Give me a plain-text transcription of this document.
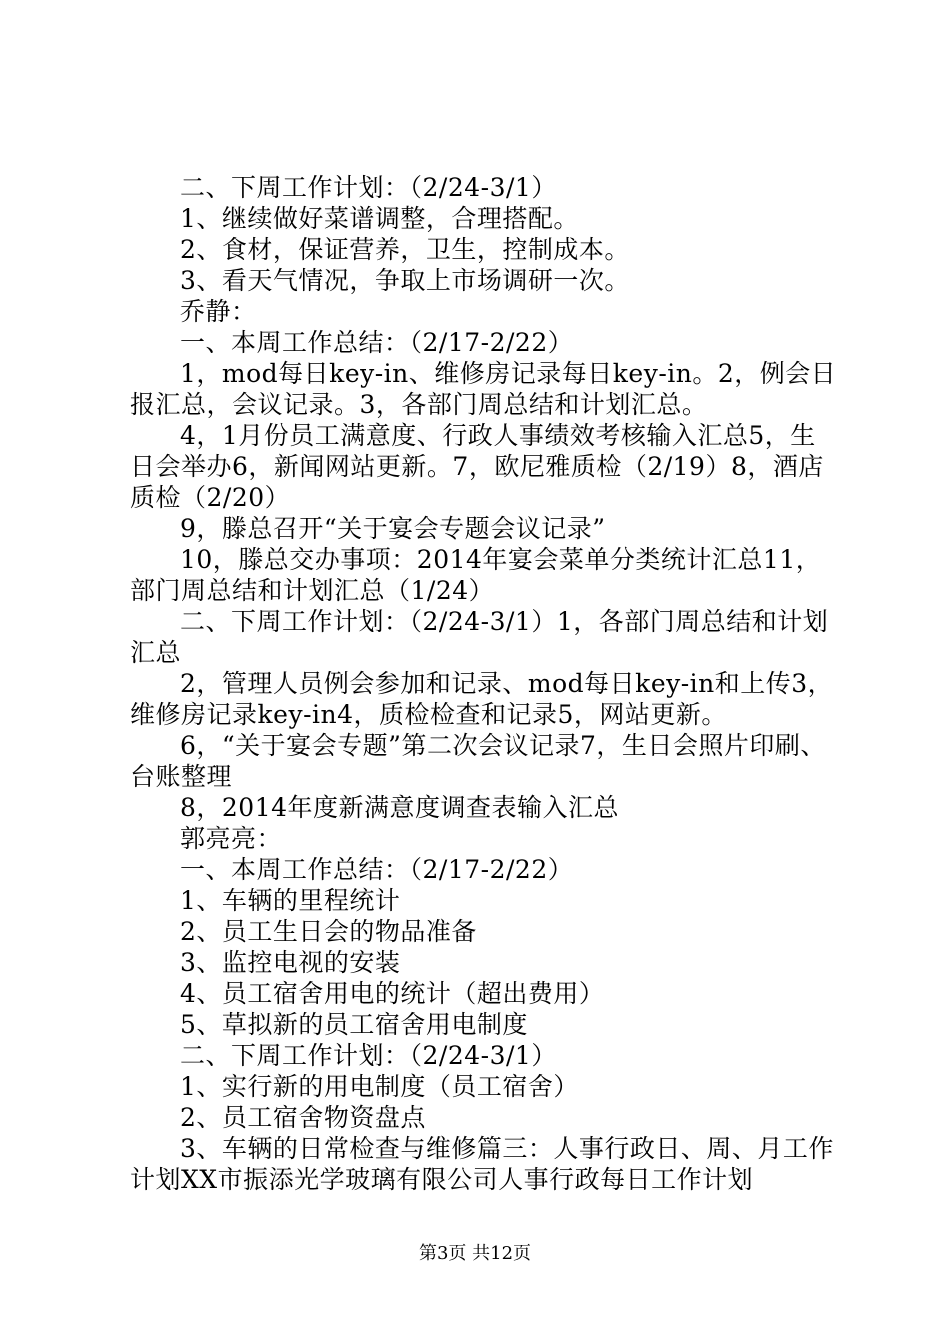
二、下周工作计划：（2/24-3/1）

1、继续做好菜谱调整，合理搭配。

2、食材，保证营养，卫生，控制成本。

3、看天气情况，争取上市场调研一次。

乔静：

一、本周工作总结：（2/17-2/22）

1，mod每日key-in、维修房记录每日key-in。2，例会日报汇总，会议记录。3，各部门周总结和计划汇总。

4，1月份员工满意度、行政人事绩效考核输入汇总5，生日会举办6，新闻网站更新。7，欧尼雅质检（2/19）8，酒店质检（2/20）

9，滕总召开“关于宴会专题会议记录”

10，滕总交办事项：2014年宴会菜单分类统计汇总11，部门周总结和计划汇总（1/24）

二、下周工作计划：（2/24-3/1）1，各部门周总结和计划汇总

2，管理人员例会参加和记录、mod每日key-in和上传3，维修房记录key-in4，质检检查和记录5，网站更新。

6，“关于宴会专题”第二次会议记录7，生日会照片印刷、台账整理

8，2014年度新满意度调查表输入汇总

郭亮亮：

一、本周工作总结：（2/17-2/22）

1、车辆的里程统计

2、员工生日会的物品准备

3、监控电视的安装

4、员工宿舍用电的统计（超出费用）

5、草拟新的员工宿舍用电制度

二、下周工作计划：（2/24-3/1）

1、实行新的用电制度（员工宿舍）

2、员工宿舍物资盘点

3、车辆的日常检查与维修篇三：人事行政日、周、月工作计划XX市振添光学玻璃有限公司人事行政每日工作计划

第3页 共12页
